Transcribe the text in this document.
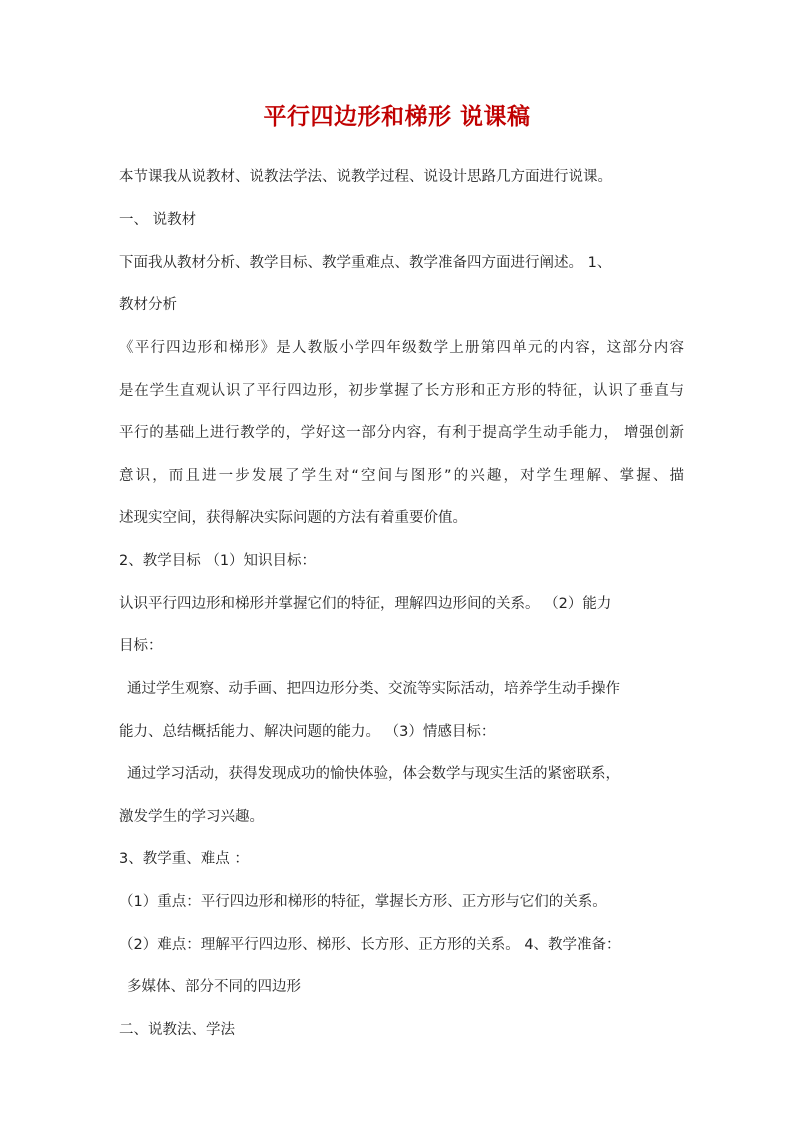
平行四边形和梯形 说课稿
本节课我从说教材、说教法学法、说教学过程、说设计思路几方面进行说课。
一、 说教材
下面我从教材分析、教学目标、教学重难点、教学准备四方面进行阐述。 1、
教材分析
《平行四边形和梯形》是人教版小学四年级数学上册第四单元的内容，这部分内容
是在学生直观认识了平行四边形，初步掌握了长方形和正方形的特征，认识了垂直与
平行的基础上进行教学的，学好这一部分内容，有利于提高学生动手能力， 增强创新
意识，而且进一步发展了学生对“空间与图形”的兴趣，对学生理解、掌握、描
述现实空间，获得解决实际问题的方法有着重要价值。
2、教学目标 （1）知识目标：
认识平行四边形和梯形并掌握它们的特征，理解四边形间的关系。 （2）能力
目标：
通过学生观察、动手画、把四边形分类、交流等实际活动，培养学生动手操作
能力、总结概括能力、解决问题的能力。 （3）情感目标：
通过学习活动，获得发现成功的愉快体验，体会数学与现实生活的紧密联系，
激发学生的学习兴趣。
3、教学重、难点 ：
（1）重点：平行四边形和梯形的特征，掌握长方形、正方形与它们的关系。
（2）难点：理解平行四边形、梯形、长方形、正方形的关系。 4、教学准备：
多媒体、部分不同的四边形
二、说教法、学法
